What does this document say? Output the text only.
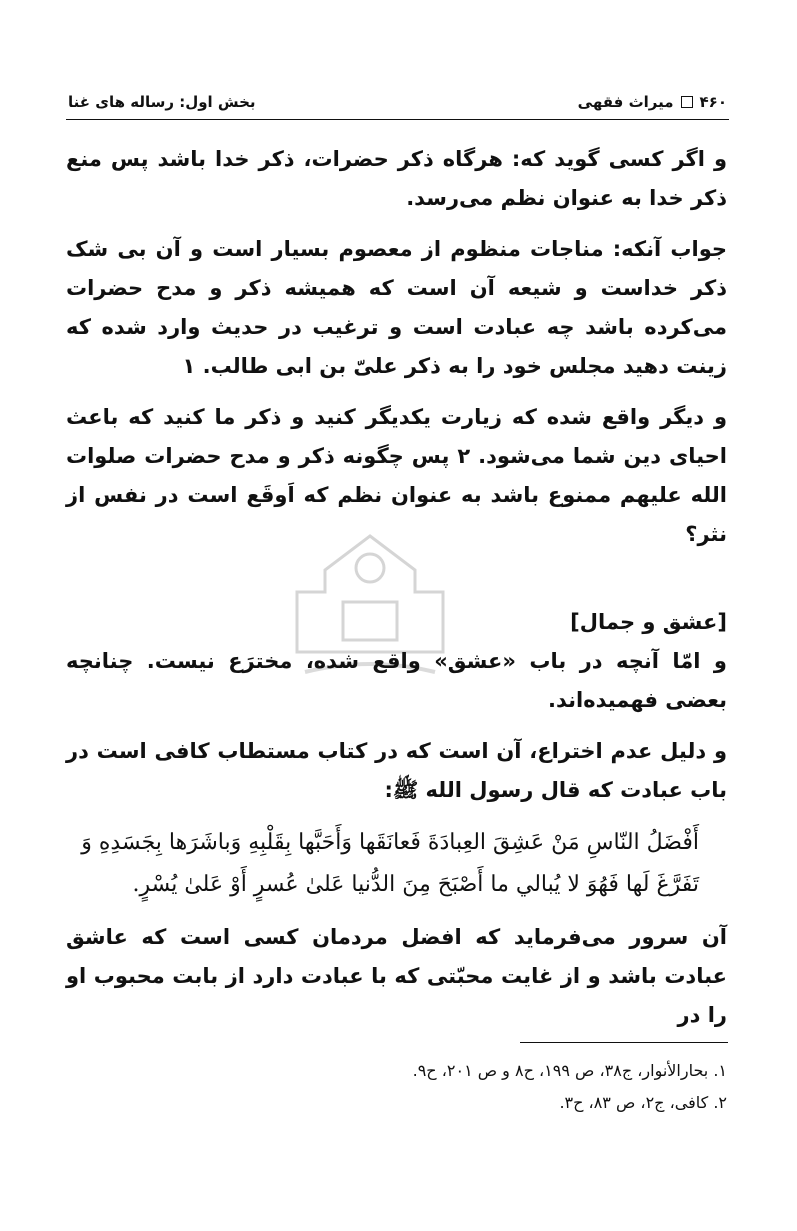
۴۶۰
میراث فقهی
بخش اول: رساله های غنا

و اگر کسی گوید که: هرگاه ذکر حضرات، ذکر خدا باشد پس منع ذکر خدا به عنوان نظم می‌رسد.

جواب آنکه: مناجات منظوم از معصوم بسیار است و آن بی شک ذکر خداست و شیعه آن است که همیشه ذکر و مدح حضرات می‌کرده باشد چه عبادت است و ترغیب در حدیث وارد شده که زینت دهید مجلس خود را به ذکر علیّ بن ابی طالب. ۱

و دیگر واقع شده که زیارت یکدیگر کنید و ذکر ما کنید که باعث احیای دین شما می‌شود. ۲ پس چگونه ذکر و مدح حضرات صلوات الله علیهم ممنوع باشد به عنوان نظم که اَوقَع است در نفس از نثر؟

[عشق و جمال]

و امّا آنچه در باب «عشق» واقع شده، مخترَع نیست. چنانچه بعضی فهمیده‌اند.

و دلیل عدم اختراع، آن است که در کتاب مستطاب کافی است در باب عبادت که قال رسول الله ﷺ:

أَفْضَلُ النّاسِ مَنْ عَشِقَ العِبادَةَ فَعانَقَها وَأَحَبَّها بِقَلْبِهِ وَباشَرَها بِجَسَدِهِ وَ تَفَرَّغَ لَها فَهُوَ لا يُبالي ما أَصْبَحَ مِنَ الدُّنيا عَلىٰ عُسرٍ أَوْ عَلىٰ يُسْرٍ.

آن سرور می‌فرماید که افضل مردمان کسی است که عاشق عبادت باشد و از غایت محبّتی که با عبادت دارد از بابت محبوب او را در

۱. بحارالأنوار، ج۳۸، ص ۱۹۹، ح۸ و ص ۲۰۱، ح۹.
۲. کافی، ج۲، ص ۸۳، ح۳.
